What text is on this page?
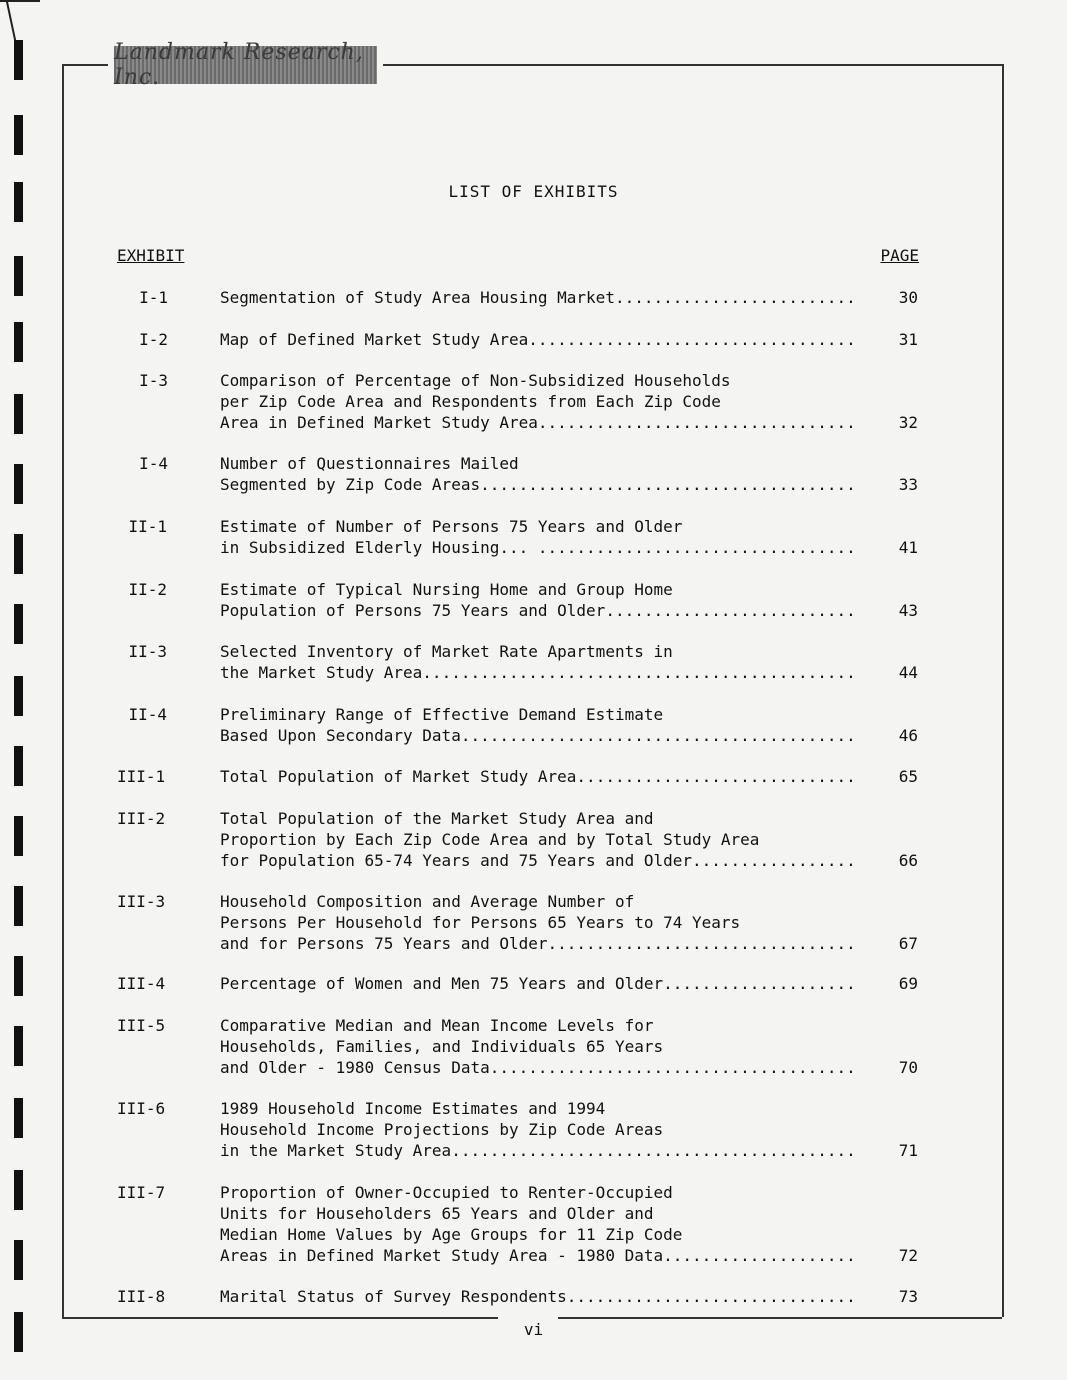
Landmark Research, Inc.
LIST OF EXHIBITS
EXHIBIT	PAGE
I-1	Segmentation of Study Area Housing Market .....	30
I-2	Map of Defined Market Study Area .....	31
I-3	Comparison of Percentage of Non-Subsidized Households
per Zip Code Area and Respondents from Each Zip Code
Area in Defined Market Study Area .....	32
I-4	Number of Questionnaires Mailed
Segmented by Zip Code Areas .....	33
II-1	Estimate of Number of Persons 75 Years and Older
in Subsidized Elderly Housing... .....	41
II-2	Estimate of Typical Nursing Home and Group Home
Population of Persons 75 Years and Older .....	43
II-3	Selected Inventory of Market Rate Apartments in
the Market Study Area .....	44
II-4	Preliminary Range of Effective Demand Estimate
Based Upon Secondary Data .....	46
III-1	Total Population of Market Study Area .....	65
III-2	Total Population of the Market Study Area and
Proportion by Each Zip Code Area and by Total Study Area
for Population 65-74 Years and 75 Years and Older .....	66
III-3	Household Composition and Average Number of
Persons Per Household for Persons 65 Years to 74 Years
and for Persons 75 Years and Older .....	67
III-4	Percentage of Women and Men 75 Years and Older .....	69
III-5	Comparative Median and Mean Income Levels for
Households, Families, and Individuals 65 Years
and Older - 1980 Census Data .....	70
III-6	1989 Household Income Estimates and 1994
Household Income Projections by Zip Code Areas
in the Market Study Area .....	71
III-7	Proportion of Owner-Occupied to Renter-Occupied
Units for Householders 65 Years and Older and
Median Home Values by Age Groups for 11 Zip Code
Areas in Defined Market Study Area - 1980 Data .....	72
III-8	Marital Status of Survey Respondents .....	73
vi
